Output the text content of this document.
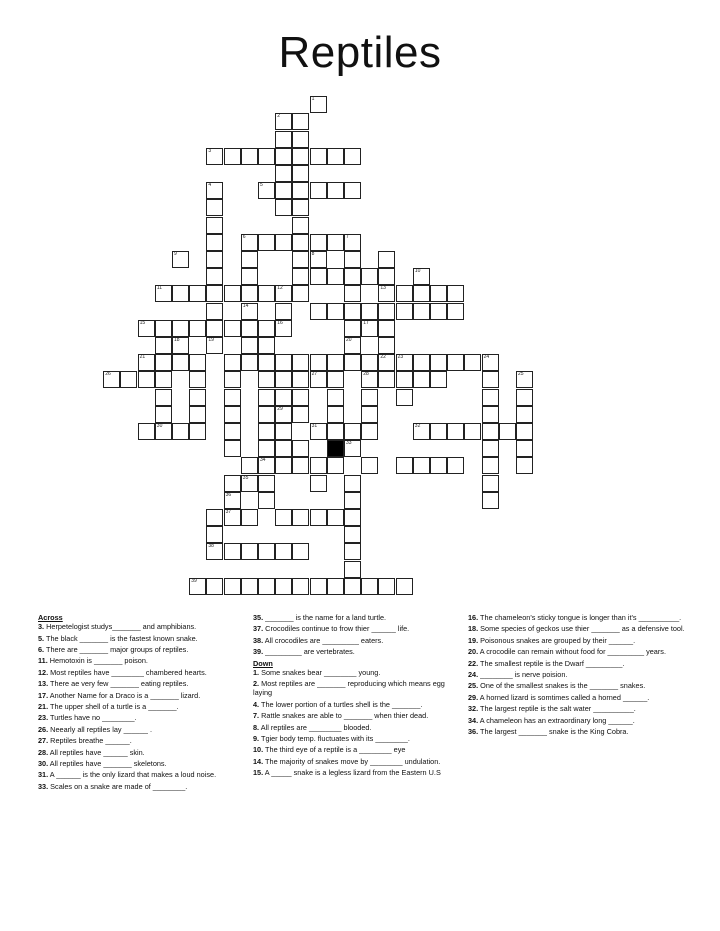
Reptiles
1
4	5
6
14
12
7
20
13
22
21	23
26	27	28
30	31	32
33
34
36
37
38
39
2
3
8
9
10
11
15	16	17
18	19
24
25
29
35
Across
3. Herpetelogist studys_______ and amphibians.
5. The black _______ is the fastest known snake.
6. There are _______ major groups of reptiles.
11. Hemotoxin is _______ poison.
12. Most reptiles have ________ chambered hearts.
13. There ae very few _______ eating reptiles.
17. Another Name for a Draco is a _______ lizard.
21. The upper shell of a turtle is a _______.
23. Turtles have no ________.
26. Neearly all reptiles lay ______ .
27. Reptiles breathe ______.
28. All reptiles have ______ skin.
30. All reptiles have _______ skeletons.
31. A ______ is the only lizard that makes a loud noise.
33. Scales on a snake are made of ________.
35. _______ is the name for a land turtle.
37. Crocodiles continue to frow thier ______ life.
38. All crocodiles are _________ eaters.
39. _________ are vertebrates.
Down
1. Some snakes bear ________ young.
2. Most reptiles are _______ reproducing which means egg laying
4. The lower portion of a turtles shell is the _______.
7. Rattle snakes are able to _______ when thier dead.
8. All reptiles are ________ blooded.
9. Tgier body temp. fluctuates with its ________.
10. The third eye of a reptile is a ________ eye
14. The majority of snakes move by ________ undulation.
15. A _____ snake is a legless lizard from the Eastern U.S
16. The chameleon's sticky tongue is longer than it's __________.
18. Some species of geckos use thier _______ as a defensive tool.
19. Poisonous snakes are grouped by their ______.
20. A crocodile can remain without food for _________ years.
22. The smallest reptile is the Dwarf _________.
24. ________ is nerve poision.
25. One of the smallest snakes is the _______ snakes.
29. A horned lizard is somtimes called a horned ______.
32. The largest reptile is the salt water __________.
34. A chameleon has an extraordinary long ______.
36. The largest _______ snake is the King Cobra.
